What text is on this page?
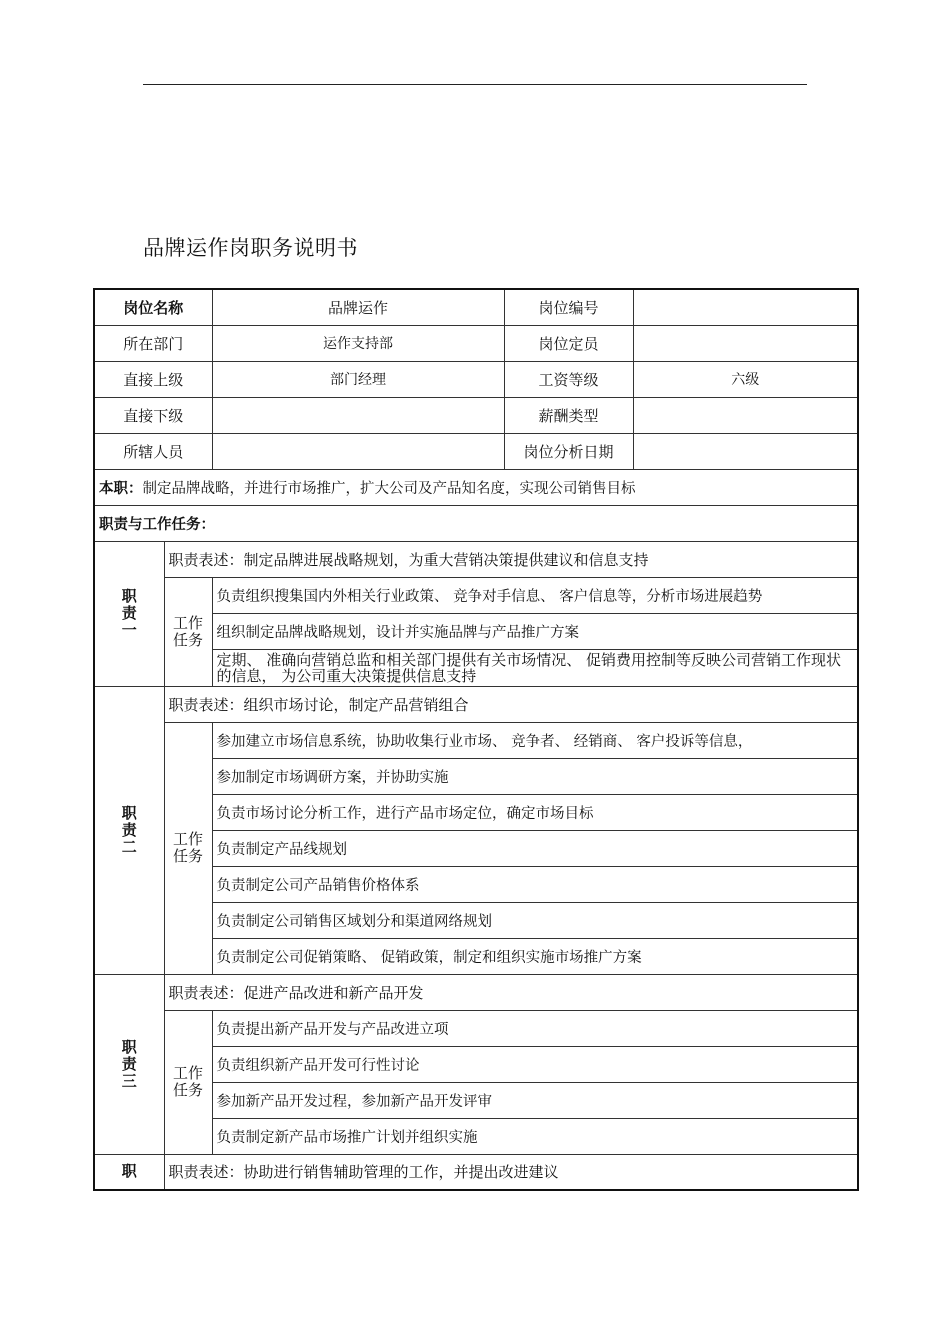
品牌运作岗职务说明书
岗位名称		品牌运作	岗位编号	
所在部门		运作支持部	岗位定员	
直接上级		部门经理	工资等级	六级
直接下级			薪酬类型	
所辖人员			岗位分析日期	
本职：制定品牌战略，并进行市场推广，扩大公司及产品知名度，实现公司销售目标				
职责与工作任务：				
职责一	职责表述：制定品牌进展战略规划，为重大营销决策提供建议和信息支持			
	工作任务	负责组织搜集国内外相关行业政策、 竞争对手信息、 客户信息等，分析市场进展趋势		
		组织制定品牌战略规划，设计并实施品牌与产品推广方案		
		定期、 准确向营销总监和相关部门提供有关市场情况、 促销费用控制等反映公司营销工作现状的信息， 为公司重大决策提供信息支持		
职责二	职责表述：组织市场讨论，制定产品营销组合			
	工作任务	参加建立市场信息系统，协助收集行业市场、 竞争者、 经销商、 客户投诉等信息，		
		参加制定市场调研方案，并协助实施		
		负责市场讨论分析工作，进行产品市场定位，确定市场目标		
		负责制定产品线规划		
		负责制定公司产品销售价格体系		
		负责制定公司销售区域划分和渠道网络规划		
		负责制定公司促销策略、 促销政策，制定和组织实施市场推广方案		
职责三	职责表述：促进产品改进和新产品开发			
	工作任务	负责提出新产品开发与产品改进立项		
		负责组织新产品开发可行性讨论		
		参加新产品开发过程，参加新产品开发评审		
		负责制定新产品市场推广计划并组织实施		

职	职责表述：协助进行销售辅助管理的工作，并提出改进建议			
